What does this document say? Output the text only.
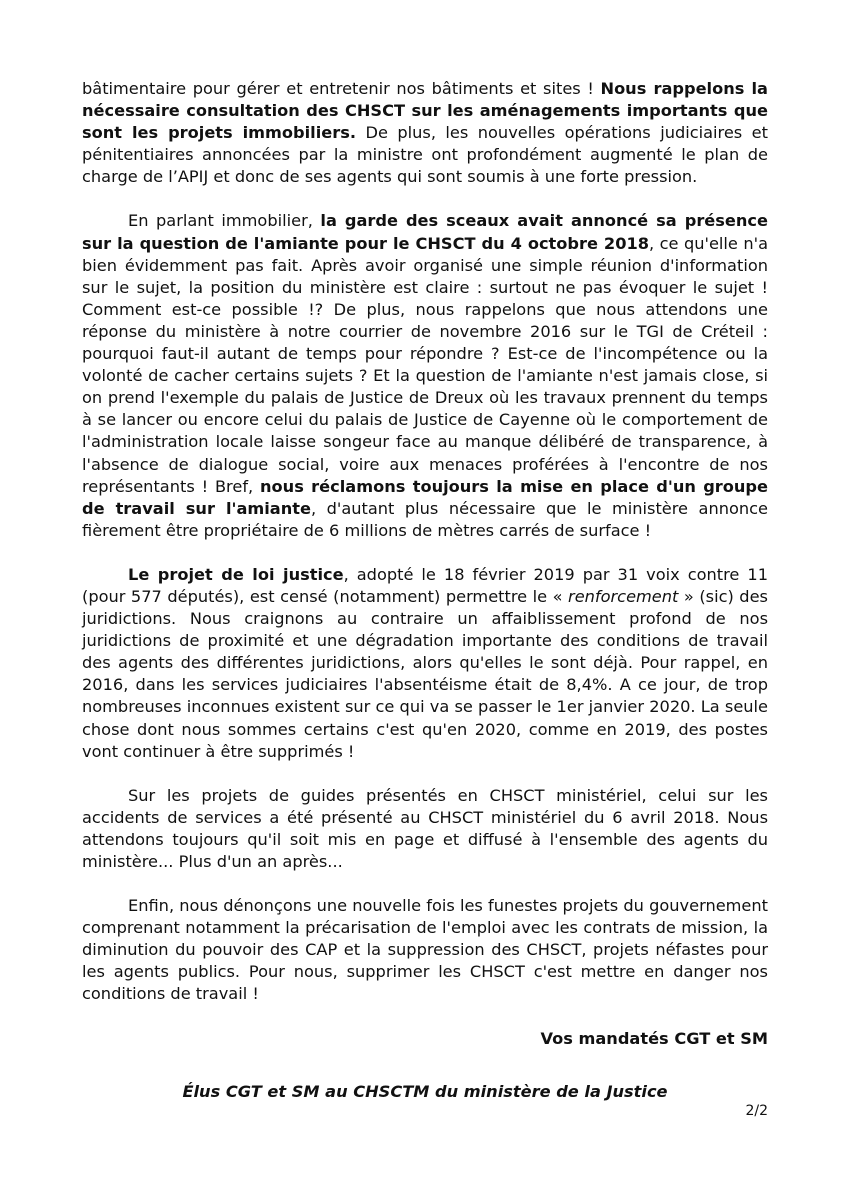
bâtimentaire pour gérer et entretenir nos bâtiments et sites ! Nous rappelons la nécessaire consultation des CHSCT sur les aménagements importants que sont les projets immobiliers. De plus, les nouvelles opérations judiciaires et pénitentiaires annoncées par la ministre ont profondément augmenté le plan de charge de l’APIJ et donc de ses agents qui sont soumis à une forte pression.

En parlant immobilier, la garde des sceaux avait annoncé sa présence sur la question de l'amiante pour le CHSCT du 4 octobre 2018, ce qu'elle n'a bien évidemment pas fait. Après avoir organisé une simple réunion d'information sur le sujet, la position du ministère est claire : surtout ne pas évoquer le sujet ! Comment est-ce possible !? De plus, nous rappelons que nous attendons une réponse du ministère à notre courrier de novembre 2016 sur le TGI de Créteil : pourquoi faut-il autant de temps pour répondre ? Est-ce de l'incompétence ou la volonté de cacher certains sujets ? Et la question de l'amiante n'est jamais close, si on prend l'exemple du palais de Justice de Dreux où les travaux prennent du temps à se lancer ou encore celui du palais de Justice de Cayenne où le comportement de l'administration locale laisse songeur face au manque délibéré de transparence, à l'absence de dialogue social, voire aux menaces proférées à l'encontre de nos représentants ! Bref, nous réclamons toujours la mise en place d'un groupe de travail sur l'amiante, d'autant plus nécessaire que le ministère annonce fièrement être propriétaire de 6 millions de mètres carrés de surface !

Le projet de loi justice, adopté le 18 février 2019 par 31 voix contre 11 (pour 577 députés), est censé (notamment) permettre le « renforcement » (sic) des juridictions. Nous craignons au contraire un affaiblissement profond de nos juridictions de proximité et une dégradation importante des conditions de travail des agents des différentes juridictions, alors qu'elles le sont déjà. Pour rappel, en 2016, dans les services judiciaires l'absentéisme était de 8,4%. A ce jour, de trop nombreuses inconnues existent sur ce qui va se passer le 1er janvier 2020. La seule chose dont nous sommes certains c'est qu'en 2020, comme en 2019, des postes vont continuer à être supprimés !

Sur les projets de guides présentés en CHSCT ministériel, celui sur les accidents de services a été présenté au CHSCT ministériel du 6 avril 2018. Nous attendons toujours qu'il soit mis en page et diffusé à l'ensemble des agents du ministère... Plus d'un an après...

Enfin, nous dénonçons une nouvelle fois les funestes projets du gouvernement comprenant notamment la précarisation de l'emploi avec les contrats de mission, la diminution du pouvoir des CAP et la suppression des CHSCT, projets néfastes pour les agents publics. Pour nous, supprimer les CHSCT c'est mettre en danger nos conditions de travail !

Vos mandatés CGT et SM

Élus CGT et SM au CHSCTM du ministère de la Justice
2/2
